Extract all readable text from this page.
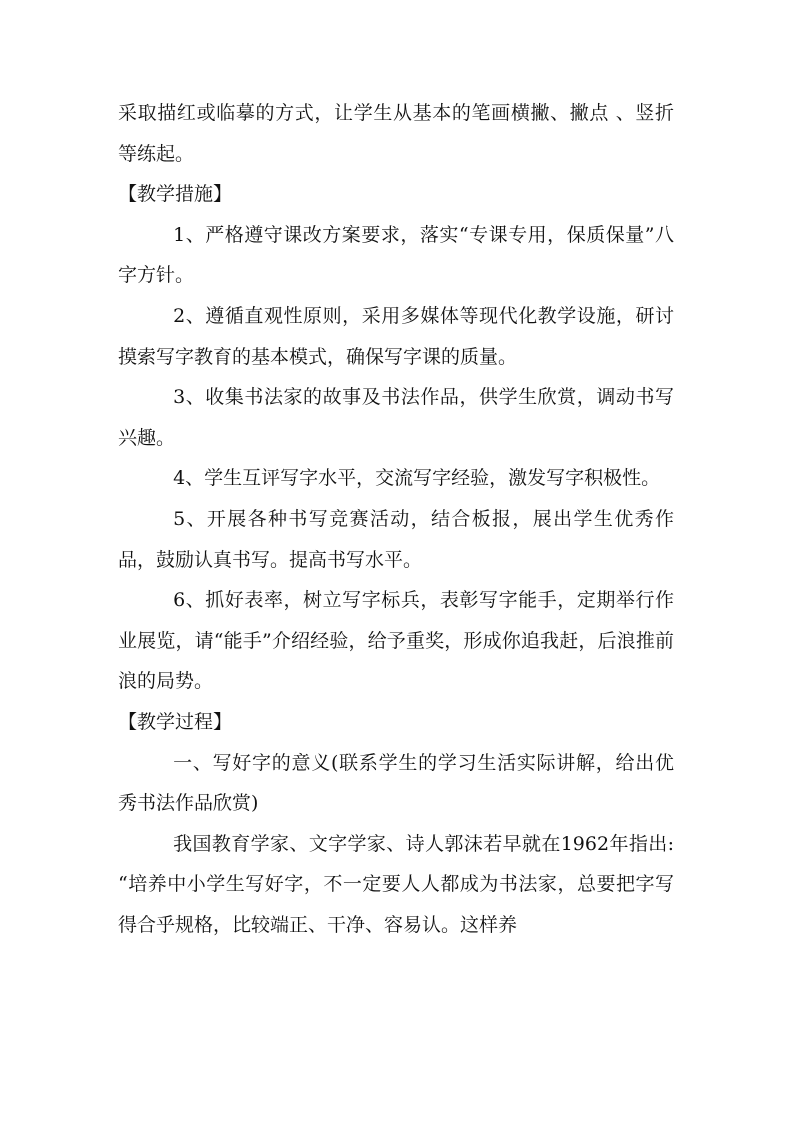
采取描红或临摹的方式，让学生从基本的笔画横撇、撇点 、竖折等练起。

【教学措施】

1、严格遵守课改方案要求，落实“专课专用，保质保量”八字方针。

2、遵循直观性原则，采用多媒体等现代化教学设施，研讨摸索写字教育的基本模式，确保写字课的质量。

3、收集书法家的故事及书法作品，供学生欣赏，调动书写兴趣。

4、学生互评写字水平，交流写字经验，激发写字积极性。

5、开展各种书写竞赛活动，结合板报，展出学生优秀作品，鼓励认真书写。提高书写水平。

6、抓好表率，树立写字标兵，表彰写字能手，定期举行作业展览，请“能手”介绍经验，给予重奖，形成你追我赶，后浪推前浪的局势。

【教学过程】

一、写好字的意义(联系学生的学习生活实际讲解，给出优秀书法作品欣赏)

我国教育学家、文字学家、诗人郭沫若早就在1962年指出: “培养中小学生写好字，不一定要人人都成为书法家，总要把字写得合乎规格，比较端正、干净、容易认。这样养
